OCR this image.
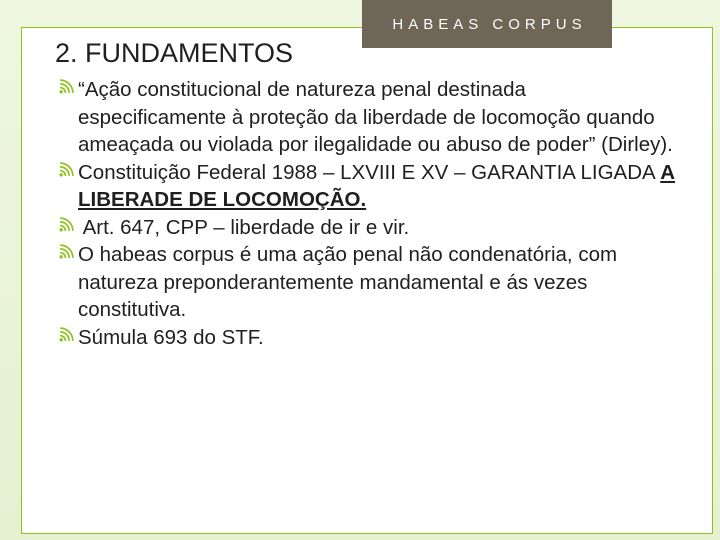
HABEAS CORPUS
2. FUNDAMENTOS
“Ação constitucional de natureza penal destinada especificamente à proteção da liberdade de locomoção quando ameaçada ou violada por ilegalidade ou abuso de poder” (Dirley).
Constituição Federal 1988 – LXVIII E XV – GARANTIA LIGADA A LIBERADE DE LOCOMOÇÃO.
Art. 647, CPP – liberdade de ir e vir.
O habeas corpus é uma ação penal não condenatória, com natureza preponderantemente mandamental e ás vezes constitutiva.
Súmula 693 do STF.
